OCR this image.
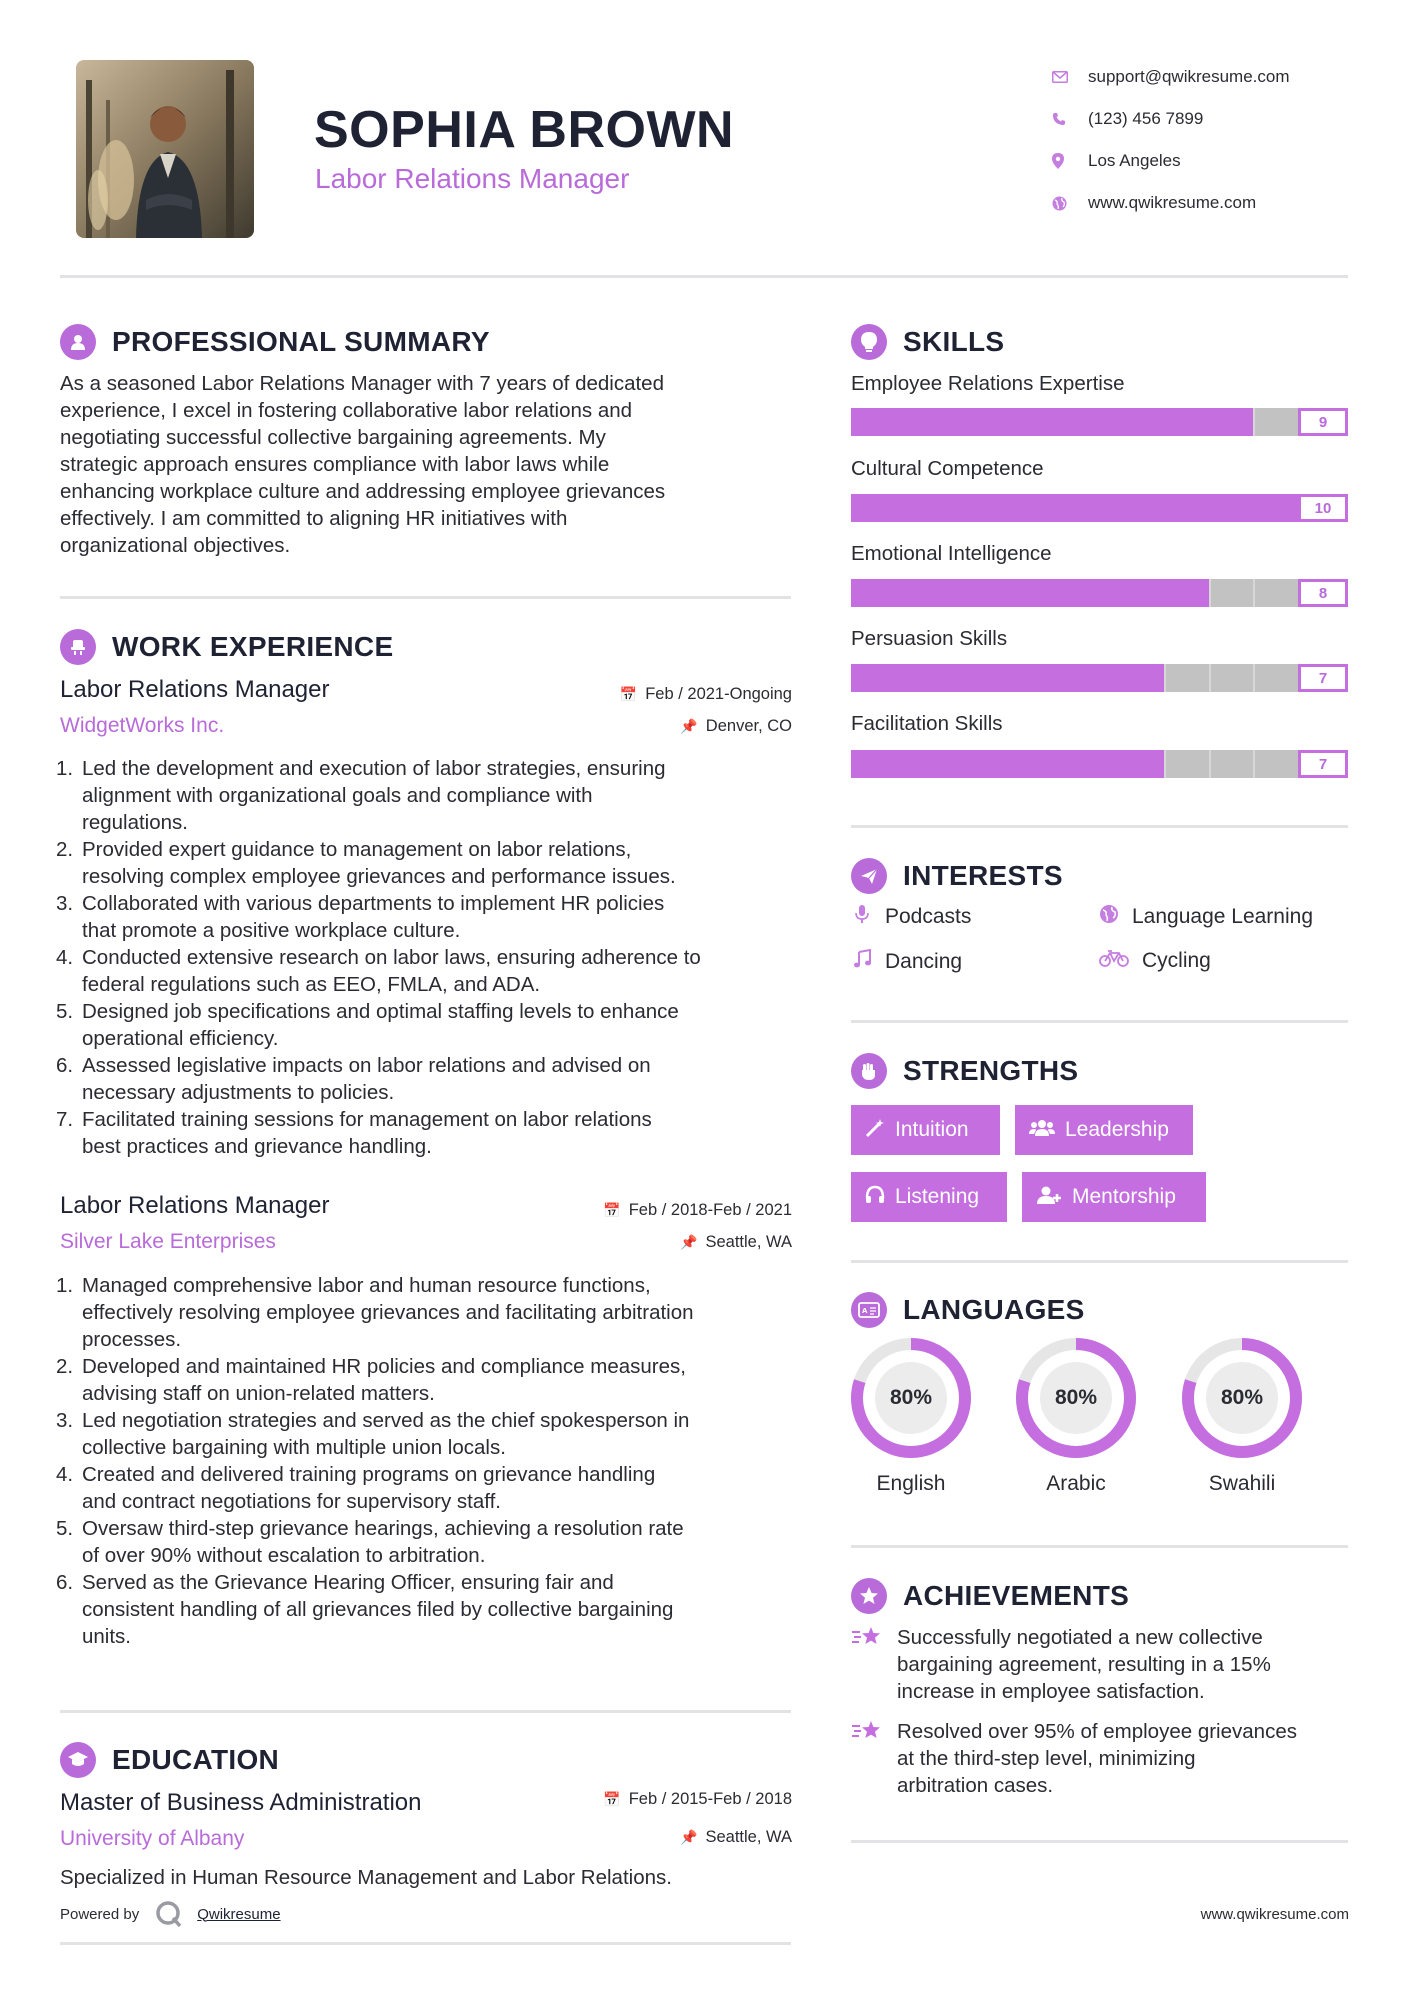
SOPHIA BROWN
Labor Relations Manager
support@qwikresume.com
(123) 456 7899
Los Angeles
www.qwikresume.com
PROFESSIONAL SUMMARY
As a seasoned Labor Relations Manager with 7 years of dedicated
experience, I excel in fostering collaborative labor relations and
negotiating successful collective bargaining agreements. My
strategic approach ensures compliance with labor laws while
enhancing workplace culture and addressing employee grievances
effectively. I am committed to aligning HR initiatives with
organizational objectives.
WORK EXPERIENCE
Labor Relations Manager	📅 Feb / 2021-Ongoing
WidgetWorks Inc.	📌 Denver, CO
1. Led the development and execution of labor strategies, ensuring
alignment with organizational goals and compliance with
regulations.
2. Provided expert guidance to management on labor relations,
resolving complex employee grievances and performance issues.
3. Collaborated with various departments to implement HR policies
that promote a positive workplace culture.
4. Conducted extensive research on labor laws, ensuring adherence to
federal regulations such as EEO, FMLA, and ADA.
5. Designed job specifications and optimal staffing levels to enhance
operational efficiency.
6. Assessed legislative impacts on labor relations and advised on
necessary adjustments to policies.
7. Facilitated training sessions for management on labor relations
best practices and grievance handling.
Labor Relations Manager	📅 Feb / 2018-Feb / 2021
Silver Lake Enterprises	📌 Seattle, WA
1. Managed comprehensive labor and human resource functions,
effectively resolving employee grievances and facilitating arbitration
processes.
2. Developed and maintained HR policies and compliance measures,
advising staff on union-related matters.
3. Led negotiation strategies and served as the chief spokesperson in
collective bargaining with multiple union locals.
4. Created and delivered training programs on grievance handling
and contract negotiations for supervisory staff.
5. Oversaw third-step grievance hearings, achieving a resolution rate
of over 90% without escalation to arbitration.
6. Served as the Grievance Hearing Officer, ensuring fair and
consistent handling of all grievances filed by collective bargaining
units.
EDUCATION
Master of Business Administration	📅 Feb / 2015-Feb / 2018
University of Albany	📌 Seattle, WA
Specialized in Human Resource Management and Labor Relations.
Powered by	Qwikresume	www.qwikresume.com
SKILLS
Employee Relations Expertise
9
Cultural Competence
10
Emotional Intelligence
8
Persuasion Skills
7
Facilitation Skills
7
INTERESTS
Podcasts	Language Learning
Dancing	Cycling
STRENGTHS
Intuition	Leadership
Listening	Mentorship
A LANGUAGES
80%
English
80%
Arabic
80%
Swahili
ACHIEVEMENTS
Successfully negotiated a new collective
bargaining agreement, resulting in a 15%
increase in employee satisfaction.
Resolved over 95% of employee grievances
at the third-step level, minimizing
arbitration cases.
